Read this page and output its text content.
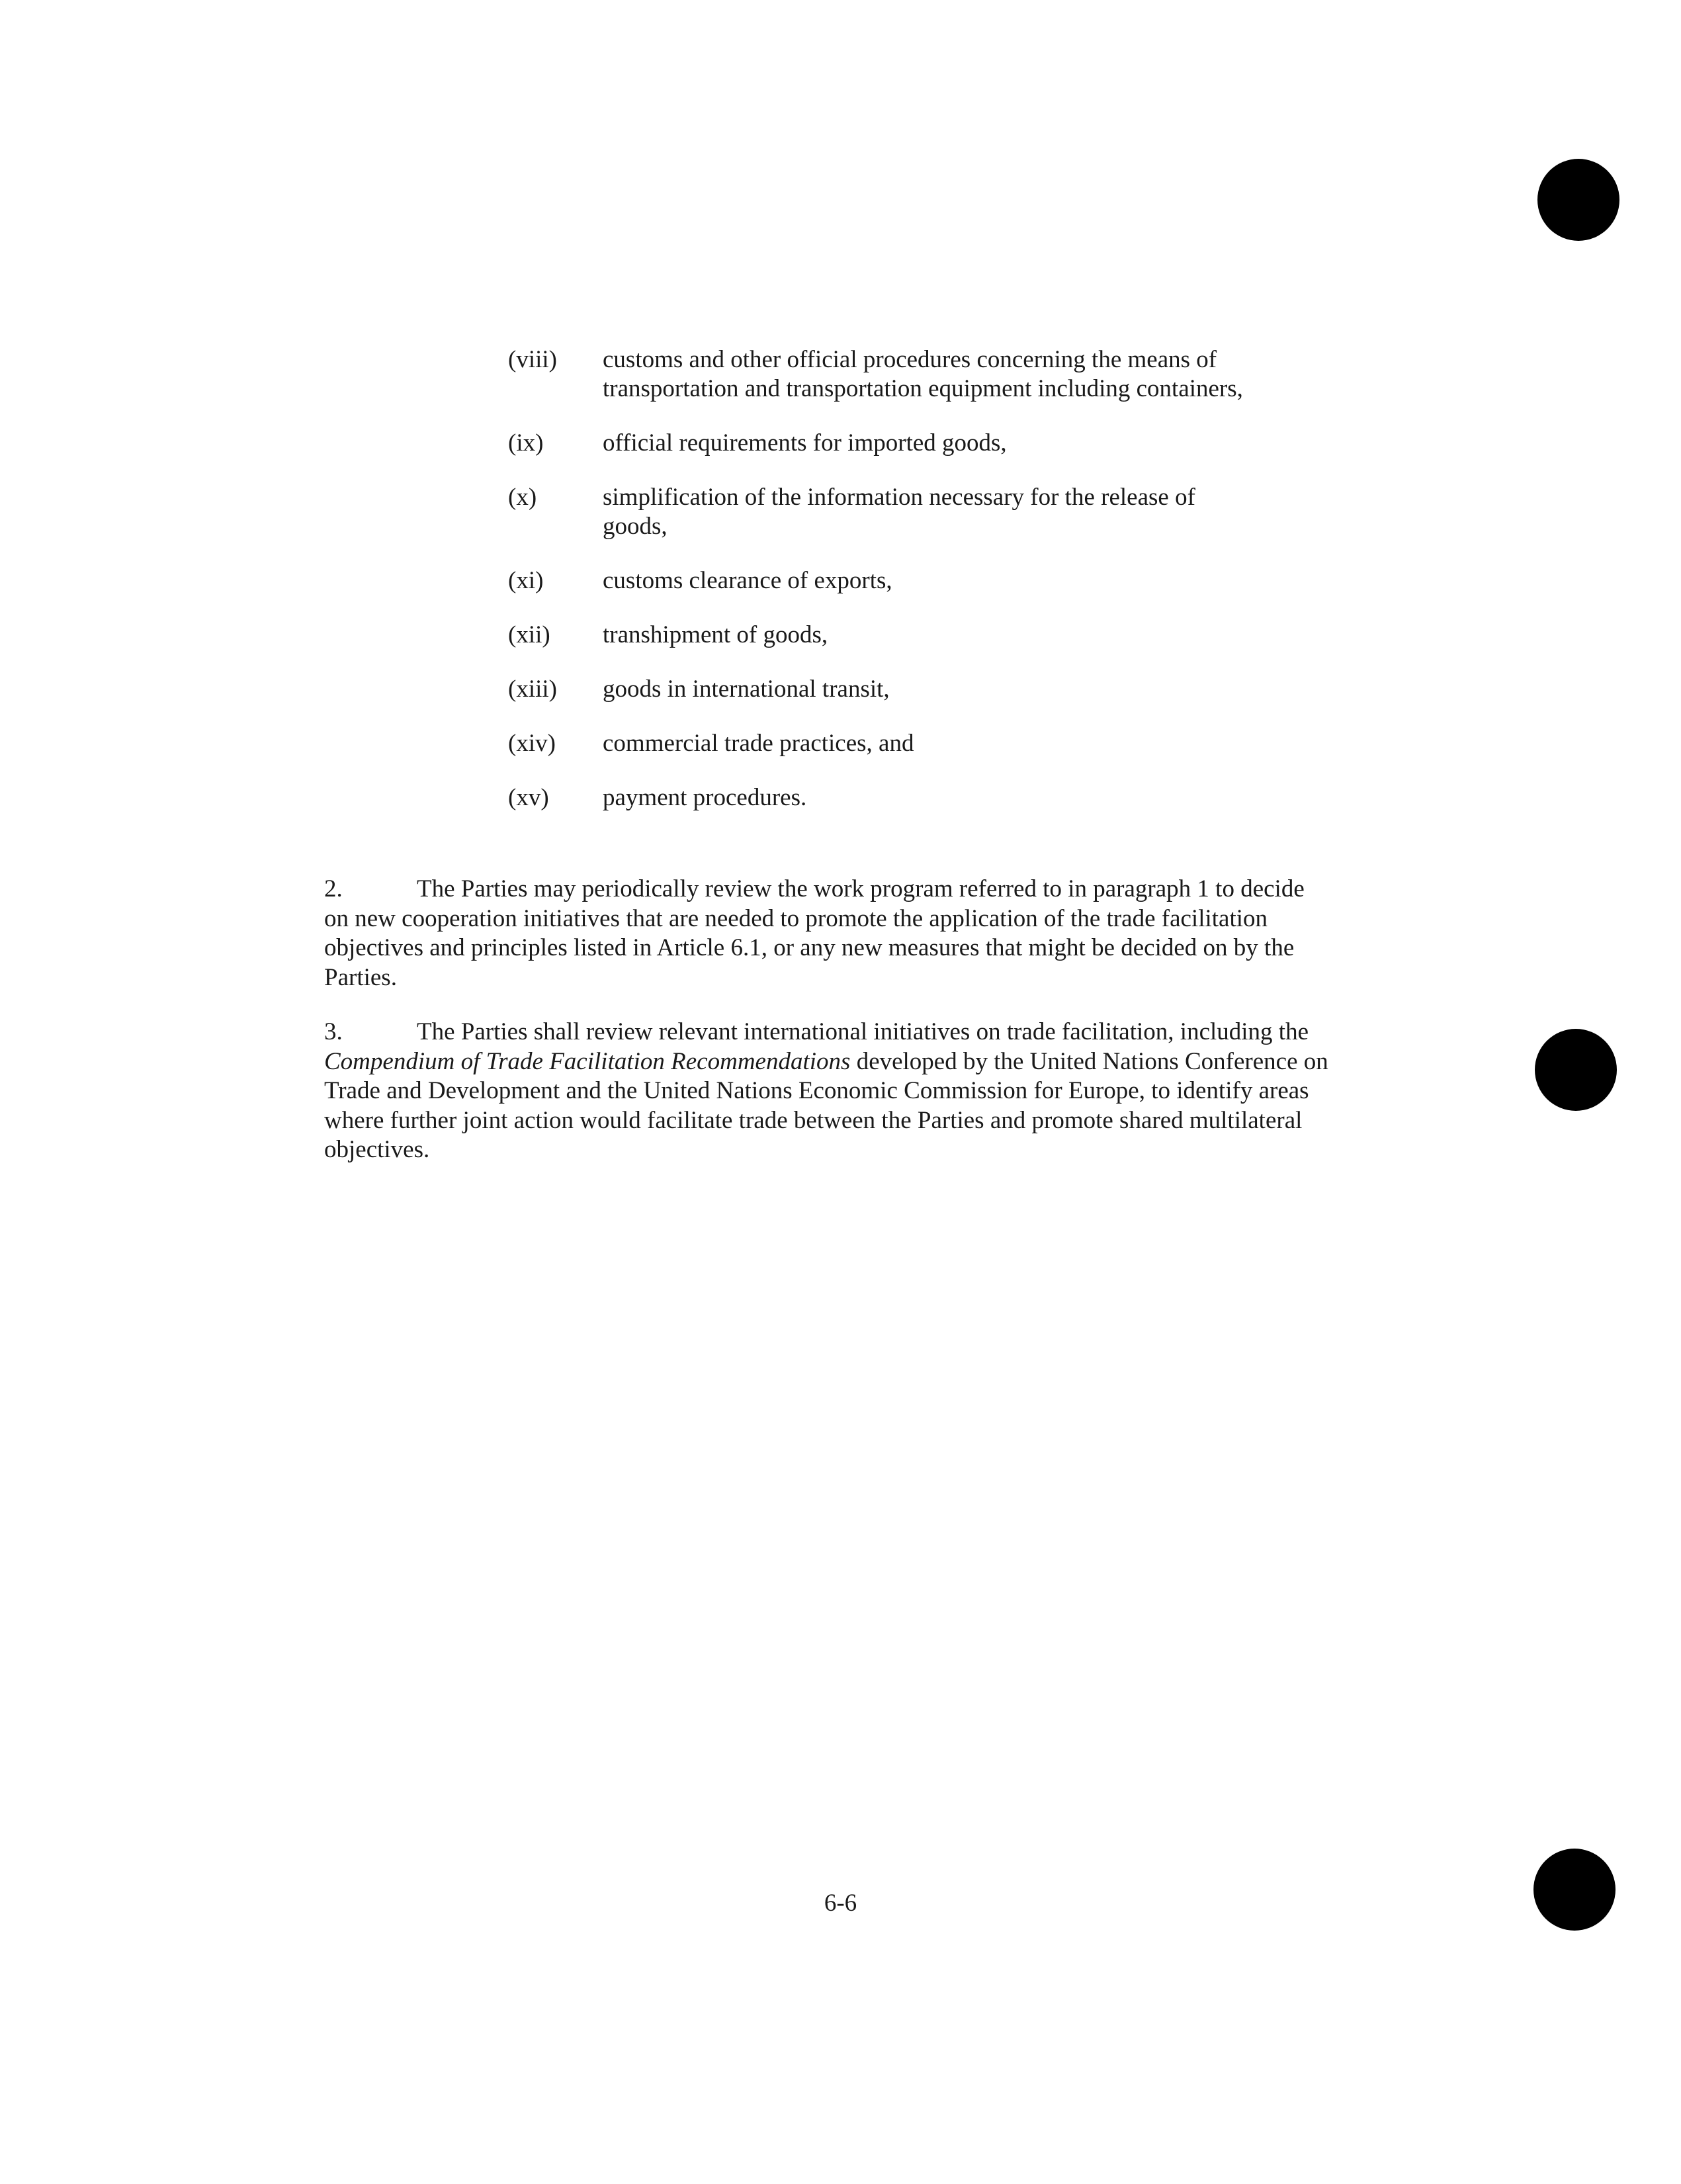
(viii) customs and other official procedures concerning the means of transportation and transportation equipment including containers,
(ix) official requirements for imported goods,
(x)	simplification of the information necessary for the release of goods,
(xi) customs clearance of exports,
(xii) transhipment of goods,
(xiii) goods in international transit,
(xiv) commercial trade practices, and
(xv) payment procedures.
2.	The Parties may periodically review the work program referred to in paragraph 1 to decide on new cooperation initiatives that are needed to promote the application of the trade facilitation objectives and principles listed in Article 6.1, or any new measures that might be decided on by the Parties.
3.	The Parties shall review relevant international initiatives on trade facilitation, including the Compendium of Trade Facilitation Recommendations developed by the United Nations Conference on Trade and Development and the United Nations Economic Commission for Europe, to identify areas where further joint action would facilitate trade between the Parties and promote shared multilateral objectives.
6-6
